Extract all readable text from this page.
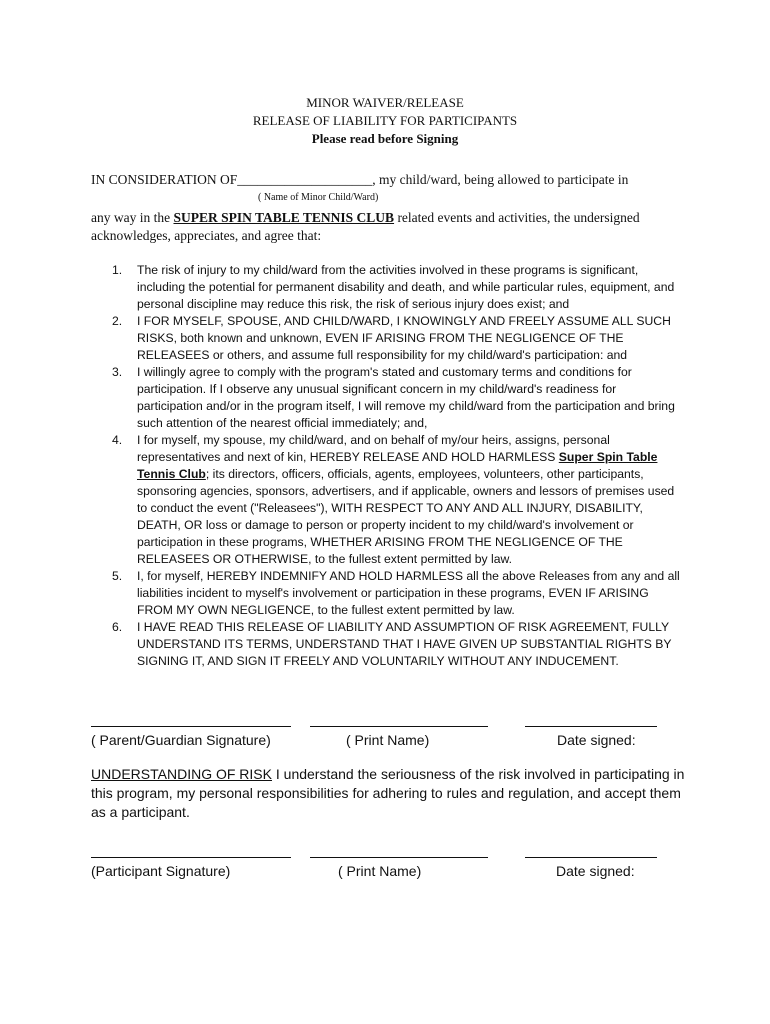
MINOR WAIVER/RELEASE
RELEASE OF LIABILITY FOR PARTICIPANTS
Please read before Signing
IN CONSIDERATION OF____________________, my child/ward, being allowed to participate in
( Name of Minor Child/Ward)
any way in the SUPER SPIN TABLE TENNIS CLUB related events and activities, the undersigned acknowledges, appreciates, and agree that:
1. The risk of injury to my child/ward from the activities involved in these programs is significant, including the potential for permanent disability and death, and while particular rules, equipment, and personal discipline may reduce this risk, the risk of serious injury does exist; and
2. I FOR MYSELF, SPOUSE, AND CHILD/WARD, I KNOWINGLY AND FREELY ASSUME ALL SUCH RISKS, both known and unknown, EVEN IF ARISING FROM THE NEGLIGENCE OF THE RELEASEES or others, and assume full responsibility for my child/ward's participation: and
3. I willingly agree to comply with the program's stated and customary terms and conditions for participation. If I observe any unusual significant concern in my child/ward's readiness for participation and/or in the program itself, I will remove my child/ward from the participation and bring such attention of the nearest official immediately; and,
4. I for myself, my spouse, my child/ward, and on behalf of my/our heirs, assigns, personal representatives and next of kin, HEREBY RELEASE AND HOLD HARMLESS Super Spin Table Tennis Club; its directors, officers, officials, agents, employees, volunteers, other participants, sponsoring agencies, sponsors, advertisers, and if applicable, owners and lessors of premises used to conduct the event ("Releasees"), WITH RESPECT TO ANY AND ALL INJURY, DISABILITY, DEATH, OR loss or damage to person or property incident to my child/ward's involvement or participation in these programs, WHETHER ARISING FROM THE NEGLIGENCE OF THE RELEASEES OR OTHERWISE, to the fullest extent permitted by law.
5. I, for myself, HEREBY INDEMNIFY AND HOLD HARMLESS all the above Releases from any and all liabilities incident to myself's involvement or participation in these programs, EVEN IF ARISING FROM MY OWN NEGLIGENCE, to the fullest extent permitted by law.
6. I HAVE READ THIS RELEASE OF LIABILITY AND ASSUMPTION OF RISK AGREEMENT, FULLY UNDERSTAND ITS TERMS, UNDERSTAND THAT I HAVE GIVEN UP SUBSTANTIAL RIGHTS BY SIGNING IT, AND SIGN IT FREELY AND VOLUNTARILY WITHOUT ANY INDUCEMENT.
( Parent/Guardian Signature)	( Print Name)	Date signed:
UNDERSTANDING OF RISK I understand the seriousness of the risk involved in participating in this program, my personal responsibilities for adhering to rules and regulation, and accept them as a participant.
(Participant Signature)	( Print Name)	Date signed:
